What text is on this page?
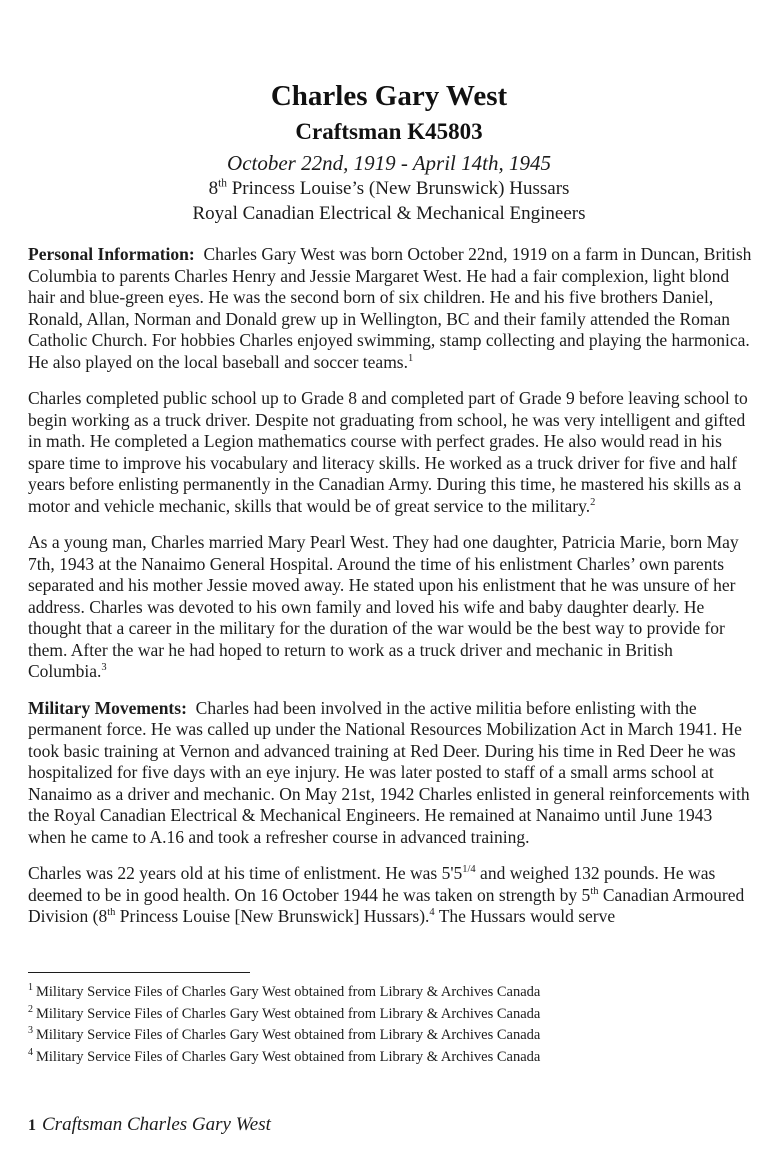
Charles Gary West
Craftsman K45803
October 22nd, 1919 - April 14th, 1945
8th Princess Louise’s (New Brunswick) Hussars
Royal Canadian Electrical & Mechanical Engineers

Personal Information:  Charles Gary West was born October 22nd, 1919 on a farm in Duncan, British Columbia to parents Charles Henry and Jessie Margaret West. He had a fair complexion, light blond hair and blue-green eyes. He was the second born of six children. He and his five brothers Daniel, Ronald, Allan, Norman and Donald grew up in Wellington, BC and their family attended the Roman Catholic Church. For hobbies Charles enjoyed swimming, stamp collecting and playing the harmonica. He also played on the local baseball and soccer teams.$^1$

Charles completed public school up to Grade 8 and completed part of Grade 9 before leaving school to begin working as a truck driver. Despite not graduating from school, he was very intelligent and gifted in math. He completed a Legion mathematics course with perfect grades. He also would read in his spare time to improve his vocabulary and literacy skills. He worked as a truck driver for five and half years before enlisting permanently in the Canadian Army. During this time, he mastered his skills as a motor and vehicle mechanic, skills that would be of great service to the military.$^2$

As a young man, Charles married Mary Pearl West. They had one daughter, Patricia Marie, born May 7th, 1943 at the Nanaimo General Hospital. Around the time of his enlistment Charles’ own parents separated and his mother Jessie moved away. He stated upon his enlistment that he was unsure of her address. Charles was devoted to his own family and loved his wife and baby daughter dearly. He thought that a career in the military for the duration of the war would be the best way to provide for them. After the war he had hoped to return to work as a truck driver and mechanic in British Columbia.$^3$

Military Movements:  Charles had been involved in the active militia before enlisting with the permanent force. He was called up under the National Resources Mobilization Act in March 1941. He took basic training at Vernon and advanced training at Red Deer. During his time in Red Deer he was hospitalized for five days with an eye injury. He was later posted to staff of a small arms school at Nanaimo as a driver and mechanic. On May 21st, 1942 Charles enlisted in general reinforcements with the Royal Canadian Electrical & Mechanical Engineers. He remained at Nanaimo until June 1943 when he came to A.16 and took a refresher course in advanced training.

Charles was 22 years old at his time of enlistment. He was $5'5^{1/4}$ and weighed 132 pounds. He was deemed to be in good health. On 16 October 1944 he was taken on strength by 5th Canadian Armoured Division (8th Princess Louise [New Brunswick] Hussars).$^4$ The Hussars would serve

$^1$ Military Service Files of Charles Gary West obtained from Library & Archives Canada
$^2$ Military Service Files of Charles Gary West obtained from Library & Archives Canada
$^3$ Military Service Files of Charles Gary West obtained from Library & Archives Canada
$^4$ Military Service Files of Charles Gary West obtained from Library & Archives Canada
1 Craftsman Charles Gary West
